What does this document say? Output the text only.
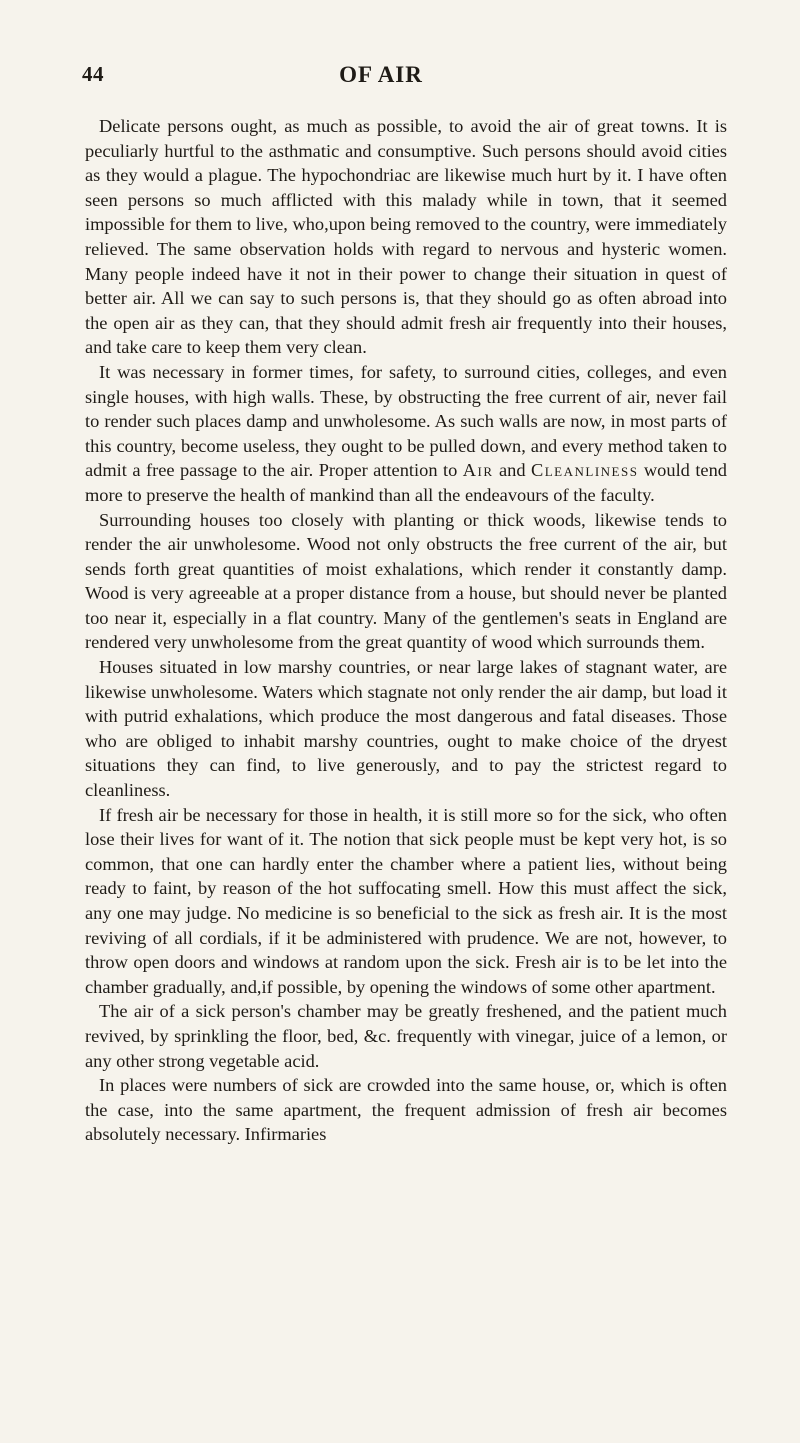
44	OF AIR

Delicate persons ought, as much as possible, to avoid the air of great towns. It is peculiarly hurtful to the asthmatic and consumptive. Such persons should avoid cities as they would a plague. The hypochondriac are likewise much hurt by it. I have often seen persons so much afflicted with this malady while in town, that it seemed impossible for them to live, who,upon being removed to the country, were immediately relieved. The same observation holds with regard to nervous and hysteric women. Many people indeed have it not in their power to change their situation in quest of better air. All we can say to such persons is, that they should go as often abroad into the open air as they can, that they should admit fresh air frequently into their houses, and take care to keep them very clean.

It was necessary in former times, for safety, to surround cities, colleges, and even single houses, with high walls. These, by obstructing the free current of air, never fail to render such places damp and unwholesome. As such walls are now, in most parts of this country, become useless, they ought to be pulled down, and every method taken to admit a free passage to the air. Proper attention to Air and Cleanliness would tend more to preserve the health of mankind than all the endeavours of the faculty.

Surrounding houses too closely with planting or thick woods, likewise tends to render the air unwholesome. Wood not only obstructs the free current of the air, but sends forth great quantities of moist exhalations, which render it constantly damp. Wood is very agreeable at a proper distance from a house, but should never be planted too near it, especially in a flat country. Many of the gentlemen's seats in England are rendered very unwholesome from the great quantity of wood which surrounds them.

Houses situated in low marshy countries, or near large lakes of stagnant water, are likewise unwholesome. Waters which stagnate not only render the air damp, but load it with putrid exhalations, which produce the most dangerous and fatal diseases. Those who are obliged to inhabit marshy countries, ought to make choice of the dryest situations they can find, to live generously, and to pay the strictest regard to cleanliness.

If fresh air be necessary for those in health, it is still more so for the sick, who often lose their lives for want of it. The notion that sick people must be kept very hot, is so common, that one can hardly enter the chamber where a patient lies, without being ready to faint, by reason of the hot suffocating smell. How this must affect the sick, any one may judge. No medicine is so beneficial to the sick as fresh air. It is the most reviving of all cordials, if it be administered with prudence. We are not, however, to throw open doors and windows at random upon the sick. Fresh air is to be let into the chamber gradually, and,if possible, by opening the windows of some other apartment.

The air of a sick person's chamber may be greatly freshened, and the patient much revived, by sprinkling the floor, bed, &c. frequently with vinegar, juice of a lemon, or any other strong vegetable acid.

In places were numbers of sick are crowded into the same house, or, which is often the case, into the same apartment, the frequent admission of fresh air becomes absolutely necessary. Infirmaries
